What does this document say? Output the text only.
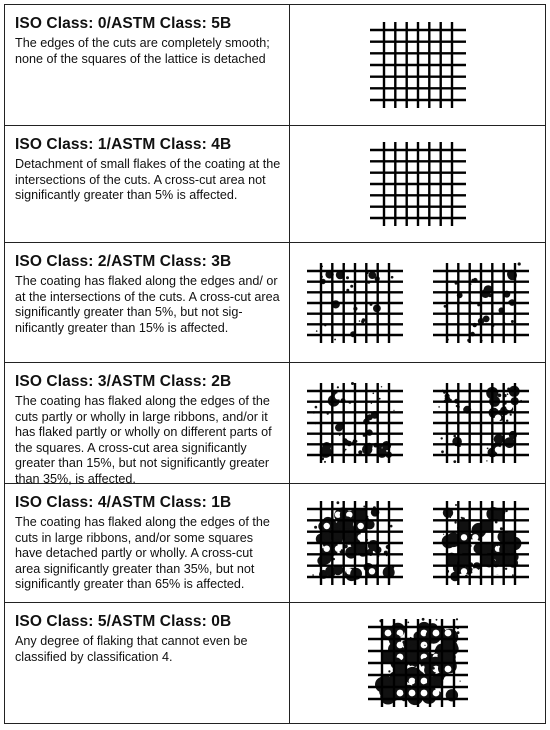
ISO Class: 0/ASTM Class: 5B
The edges of the cuts are completely smooth; none of the squares of the lattice is detached
ISO Class: 1/ASTM Class: 4B
Detachment of small flakes of the coating at the intersections of the cuts. A cross-cut area not significantly greater than 5% is affected.
ISO Class: 2/ASTM Class: 3B
The coating has flaked along the edges and/ or at the intersections of the cuts. A cross-cut area significantly greater than 5%, but not sig- nificantly greater than 15% is affected.
ISO Class: 3/ASTM Class: 2B
The coating has flaked along the edges of the cuts partly or wholly in large ribbons, and/or it has flaked partly or wholly on different parts of the squares. A cross-cut area significantly greater than 15%, but not significantly greater than 35%, is affected.
ISO Class: 4/ASTM Class: 1B
The coating has flaked along the edges of the cuts in large ribbons, and/or some squares have detached partly or wholly. A cross-cut area significantly greater than 35%, but not significantly greater than 65% is affected.
ISO Class: 5/ASTM Class: 0B
Any degree of flaking that cannot even be classified by classification 4.
